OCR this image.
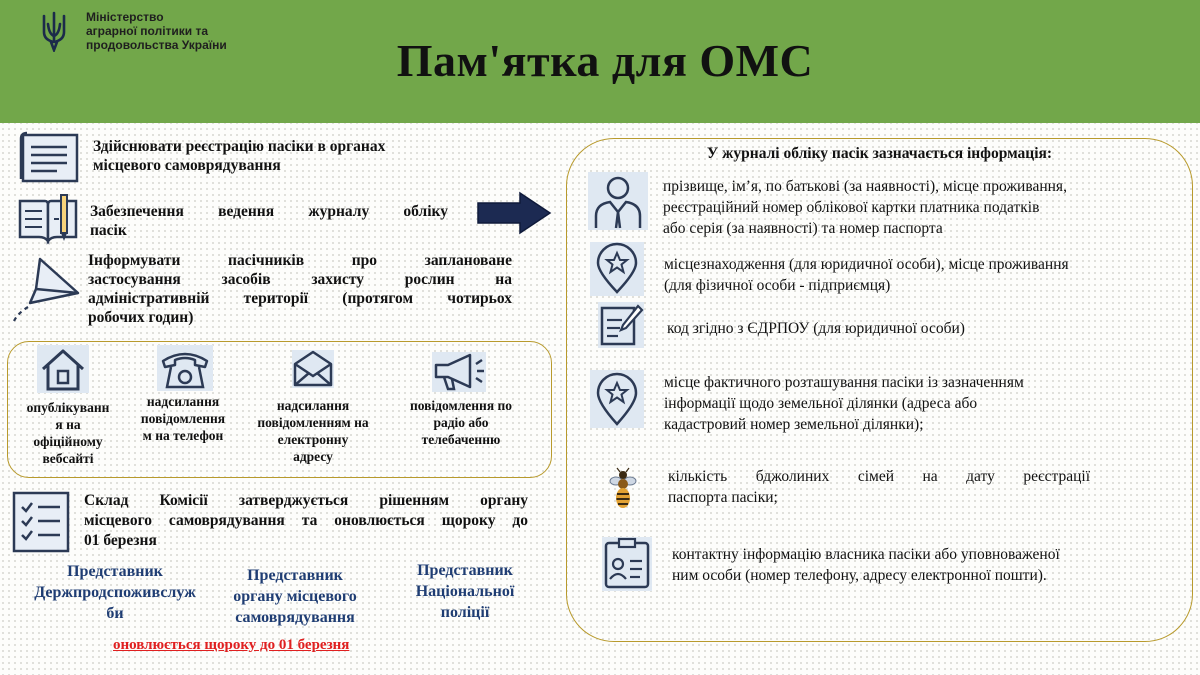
Міністерство
аграрної політики та
продовольства України	Пам'ятка для ОМС
Здійснювати реєстрацію пасіки в органах
місцевого самоврядування
Забезпечення ведення журналу обліку
пасік
Інформувати пасічників про заплановане
застосування засобів захисту рослин на
адміністративній території (протягом чотирьох
робочих годин)
опублікуванн
я на
офіційному
вебсайті
надсилання
повідомлення
м на телефон
надсилання
повідомленням на
електронну
адресу
повідомлення по
радіо або
телебаченню
Склад Комісії затверджується рішенням органу
місцевого самоврядування та оновлюється щороку до
01 березня
Представник
Держпродспоживслуж
би
Представник
органу місцевого
самоврядування
Представник
Національної
поліції
оновлюється щороку до 01 березня
У журналі обліку пасік зазначається інформація:
прізвище, ім’я, по батькові (за наявності), місце проживання,
реєстраційний номер облікової картки платника податків
або серія (за наявності) та номер паспорта
місцезнаходження (для юридичної особи), місце проживання
(для фізичної особи - підприємця)
код згідно з ЄДРПОУ (для юридичної особи)
місце фактичного розташування пасіки із зазначенням
інформації щодо земельної ділянки (адреса або
кадастровий номер земельної ділянки);
кількість бджолиних сімей на дату реєстрації
паспорта пасіки;
контактну інформацію власника пасіки або уповноваженої
ним особи (номер телефону, адресу електронної пошти).
